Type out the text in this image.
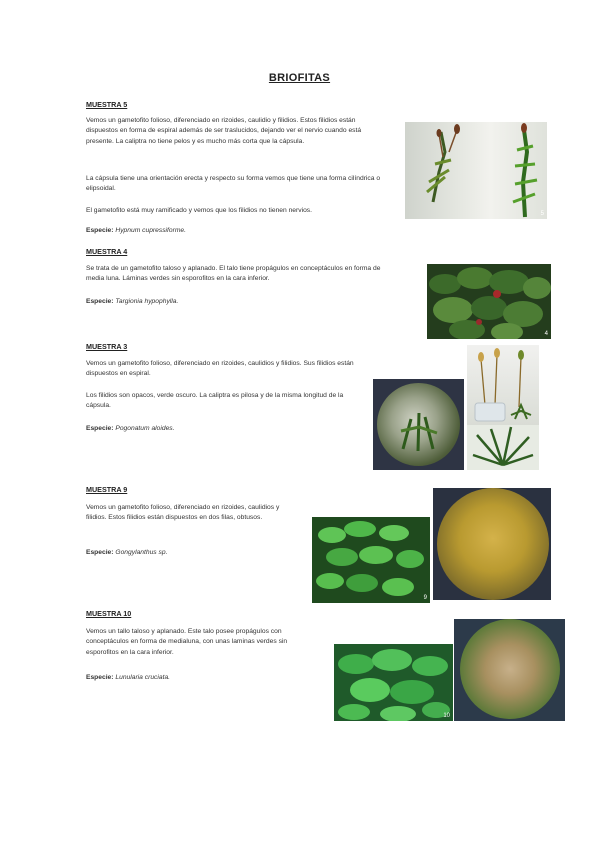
BRIOFITAS
MUESTRA 5
Vemos un gametofito folioso, diferenciado en rizoides, caulidio y filidios. Estos filidios están dispuestos en forma de espiral además de ser traslucidos, dejando ver el nervio cuando está presente. La caliptra no tiene pelos y es mucho más corta que la cápsula.
La cápsula tiene una orientación erecta y respecto su forma vemos que tiene una forma cilíndrica o elipsoidal.
El gametofito está muy ramificado y vemos que los filidios no tienen nervios.
Especie: Hypnum cupressiforme.
5
MUESTRA 4
Se trata de un gametofito taloso y aplanado. El talo tiene propágulos en conceptáculos en forma de media luna. Láminas verdes sin esporofitos en la cara inferior.
Especie: Targionia hypophylla.
4
MUESTRA 3
Vemos un gametofito folioso, diferenciado en rizoides, caulidios y filidios. Sus filidios están dispuestos en espiral.
Los filidios son opacos, verde oscuro. La caliptra es pilosa y de la misma longitud de la cápsula.
Especie: Pogonatum aloides.
MUESTRA 9
Vemos un gametofito folioso, diferenciado en rizoides, caulidios y filidios. Estos filidios están dispuestos en dos filas, obtusos.
Especie: Gongylanthus sp.
9
MUESTRA 10
Vemos un tallo taloso y aplanado. Este talo posee propágulos con conceptáculos en forma de medialuna, con unas laminas verdes sin esporofitos en la cara inferior.
Especie: Lunularia cruciata.
10
